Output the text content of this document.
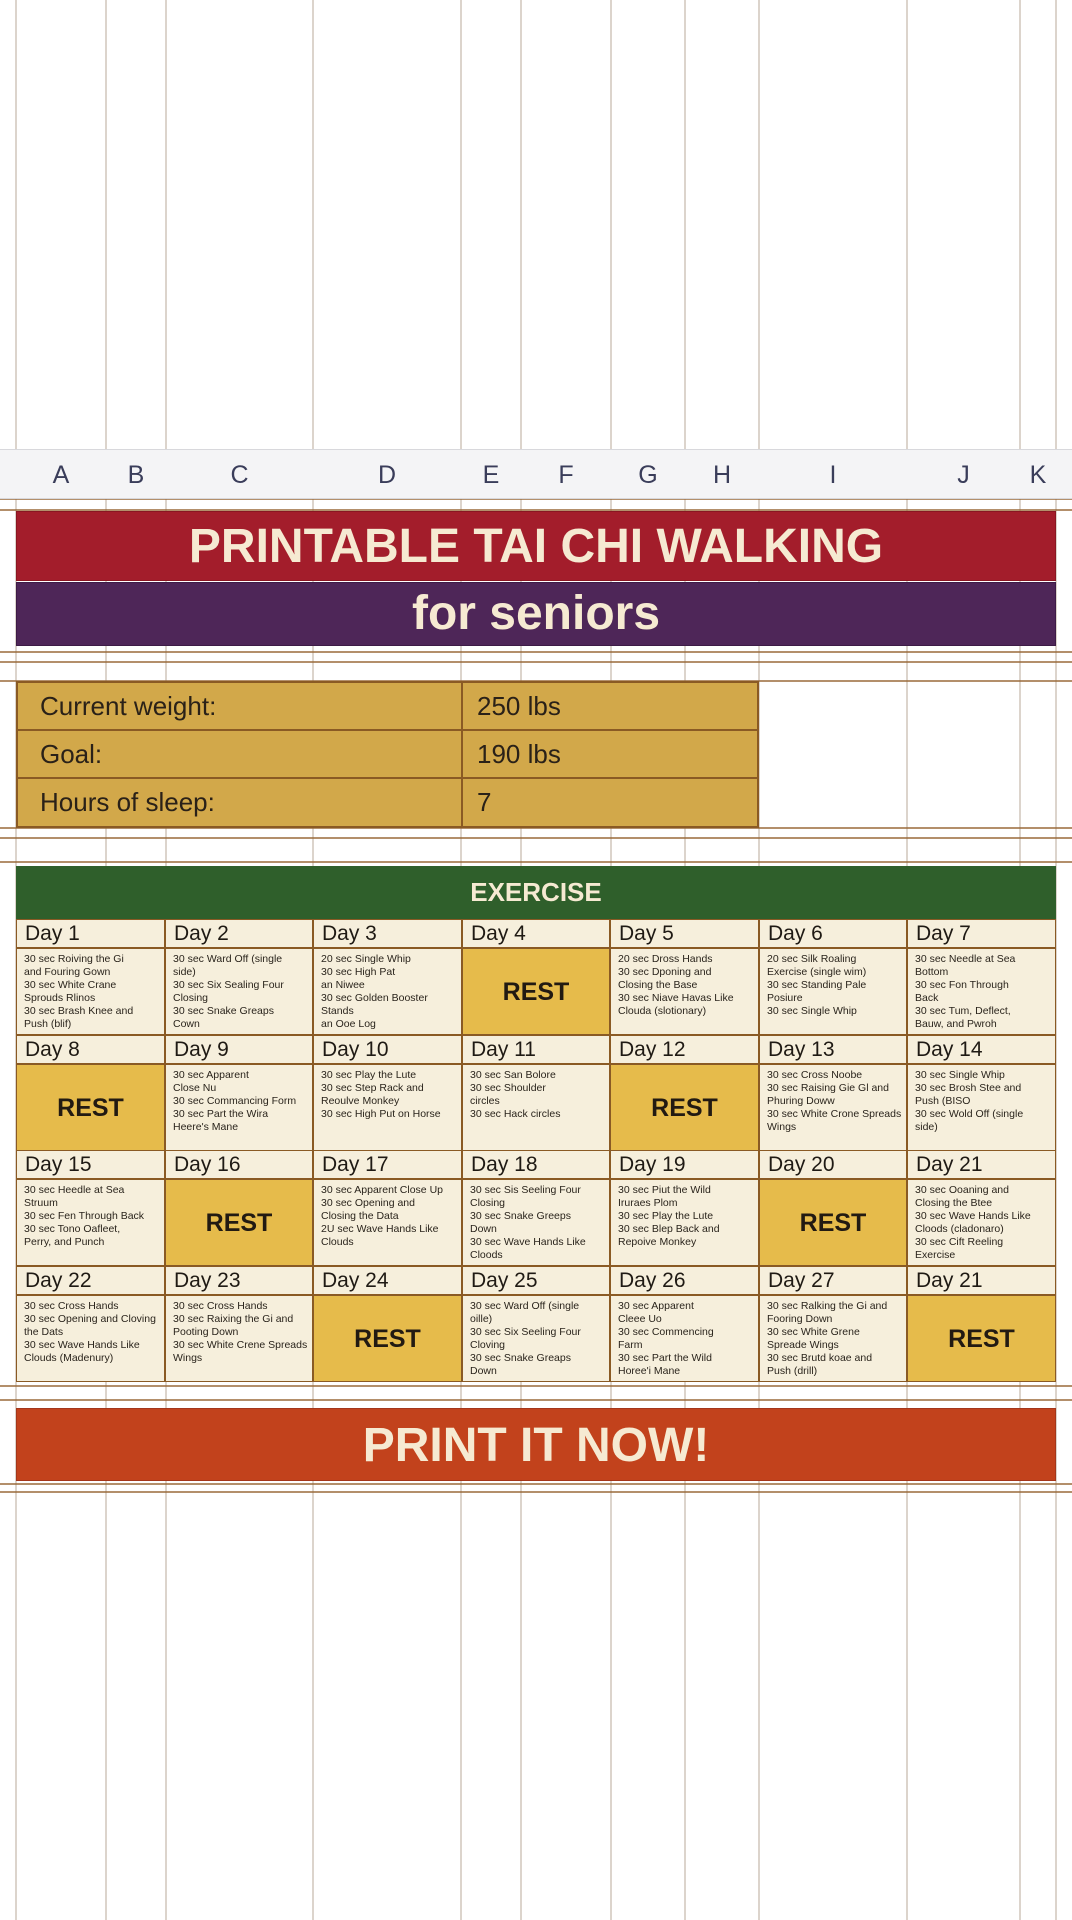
A	B	C	D	E	F	G	H	I	J	K
PRINTABLE TAI CHI WALKING
for seniors
Current weight:	250 lbs
Goal:	190 lbs
Hours of sleep:	7
EXERCISE
Day 1
30 sec Roiving the Gi
and Fouring Gown
30 sec White Crane
Sprouds Rlinos
30 sec Brash Knee and
Push (blif)
Day 2
30 sec Ward Off (single
side)
30 sec Six Sealing Four
Closing
30 sec Snake Greaps
Cown
Day 3
20 sec Single Whip
30 sec High Pat
an Niwee
30 sec Golden Booster
Stands
an Ooe Log
Day 4
REST
Day 5
20 sec Dross Hands
30 sec Dponing and
Closing the Base
30 sec Niave Havas Like
Clouda (slotionary)
Day 6
20 sec Silk Roaling
Exercise (single wim)
30 sec Standing Pale
Posiure
30 sec Single Whip
Day 7
30 sec Needle at Sea
Bottom
30 sec Fon Through
Back
30 sec Tum, Deflect,
Bauw, and Pwroh
Day 8
REST
Day 9
30 sec Apparent
Close Nu
30 sec Commancing Form
30 sec Part the Wira
Heere's Mane
Day 10
30 sec Play the Lute
30 sec Step Rack and
Reoulve Monkey
30 sec High Put on Horse
Day 11
30 sec San Bolore
30 sec Shoulder
circles
30 sec Hack circles
Day 12
REST
Day 13
30 sec Cross Noobe
30 sec Raising Gie Gl and
Phuring Doww
30 sec White Crone Spreads
Wings
Day 14
30 sec Single Whip
30 sec Brosh Stee and
Push (BISO
30 sec Wold Off (single
side)
Day 15
30 sec Heedle at Sea
Struum
30 sec Fen Through Back
30 sec Tono Oafleet,
Perry, and Punch
Day 16
REST
Day 17
30 sec Apparent Close Up
30 sec Opening and
Closing the Data
2U sec Wave Hands Like
Clouds
Day 18
30 sec Sis Seeling Four
Closing
30 sec Snake Greeps
Down
30 sec Wave Hands Like
Cloods
Day 19
30 sec Piut the Wild
Iruraes Plom
30 sec Play the Lute
30 sec Blep Back and
Repoive Monkey
Day 20
REST
Day 21
30 sec Ooaning and
Closing the Btee
30 sec Wave Hands Like
Cloods (cladonaro)
30 sec Cift Reeling
Exercise
Day 22
30 sec Cross Hands
30 sec Opening and Cloving
the Dats
30 sec Wave Hands Like
Clouds (Madenury)
Day 23
30 sec Cross Hands
30 sec Raixing the Gi and
Pooting Down
30 sec White Crene Spreads
Wings
Day 24
REST
Day 25
30 sec Ward Off (single
oille)
30 sec Six Seeling Four
Cloving
30 sec Snake Greaps
Down
Day 26
30 sec Apparent
Cleee Uo
30 sec Commencing
Farm
30 sec Part the Wild
Horee'i Mane
Day 27
30 sec Ralking the Gi and
Fooring Down
30 sec White Grene
Spreade Wings
30 sec Brutd koae and
Push (drill)
Day 21
REST
PRINT IT NOW!
